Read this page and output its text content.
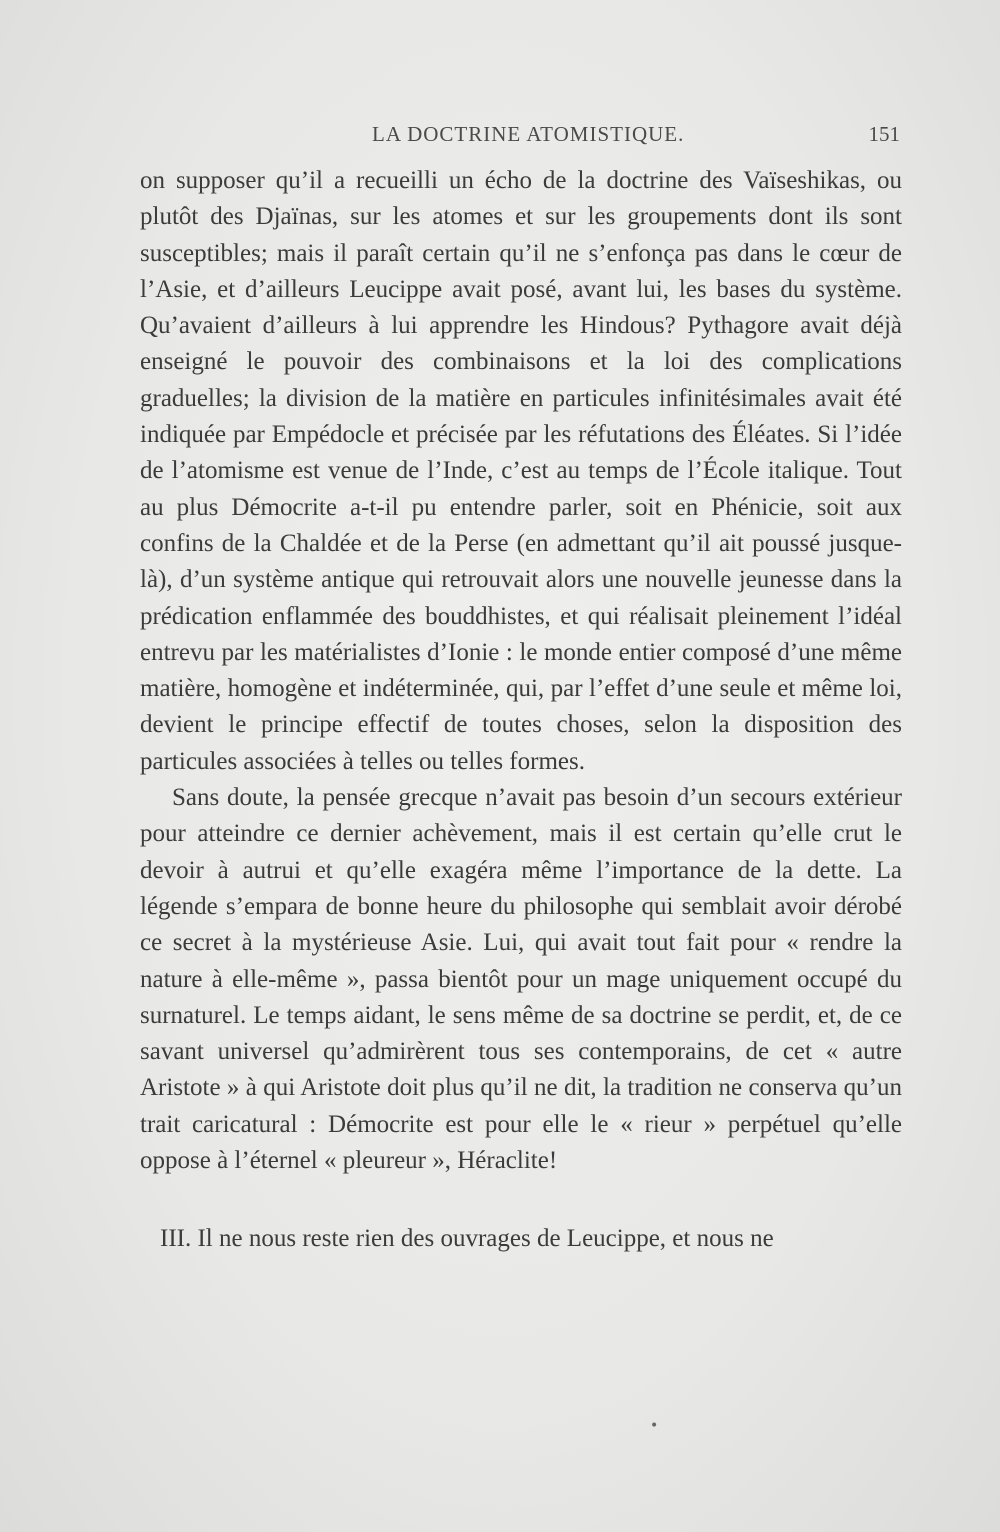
LA DOCTRINE ATOMISTIQUE.	151

on supposer qu’il a recueilli un écho de la doctrine des Vaïseshikas, ou plutôt des Djaïnas, sur les atomes et sur les groupements dont ils sont susceptibles; mais il paraît certain qu’il ne s’enfonça pas dans le cœur de l’Asie, et d’ailleurs Leucippe avait posé, avant lui, les bases du système. Qu’avaient d’ailleurs à lui apprendre les Hindous? Pythagore avait déjà enseigné le pouvoir des combinaisons et la loi des complications graduelles; la division de la matière en particules infinitésimales avait été indiquée par Empédocle et précisée par les réfutations des Éléates. Si l’idée de l’atomisme est venue de l’Inde, c’est au temps de l’École italique. Tout au plus Démocrite a-t-il pu entendre parler, soit en Phénicie, soit aux confins de la Chaldée et de la Perse (en admettant qu’il ait poussé jusque-là), d’un système antique qui retrouvait alors une nouvelle jeunesse dans la prédication enflammée des bouddhistes, et qui réalisait pleinement l’idéal entrevu par les matérialistes d’Ionie : le monde entier composé d’une même matière, homogène et indéterminée, qui, par l’effet d’une seule et même loi, devient le principe effectif de toutes choses, selon la disposition des particules associées à telles ou telles formes.

Sans doute, la pensée grecque n’avait pas besoin d’un secours extérieur pour atteindre ce dernier achèvement, mais il est certain qu’elle crut le devoir à autrui et qu’elle exagéra même l’importance de la dette. La légende s’empara de bonne heure du philosophe qui semblait avoir dérobé ce secret à la mystérieuse Asie. Lui, qui avait tout fait pour « rendre la nature à elle-même », passa bientôt pour un mage uniquement occupé du surnaturel. Le temps aidant, le sens même de sa doctrine se perdit, et, de ce savant universel qu’admirèrent tous ses contemporains, de cet « autre Aristote » à qui Aristote doit plus qu’il ne dit, la tradition ne conserva qu’un trait caricatural : Démocrite est pour elle le « rieur » perpétuel qu’elle oppose à l’éternel « pleureur », Héraclite!

III. Il ne nous reste rien des ouvrages de Leucippe, et nous ne

•
